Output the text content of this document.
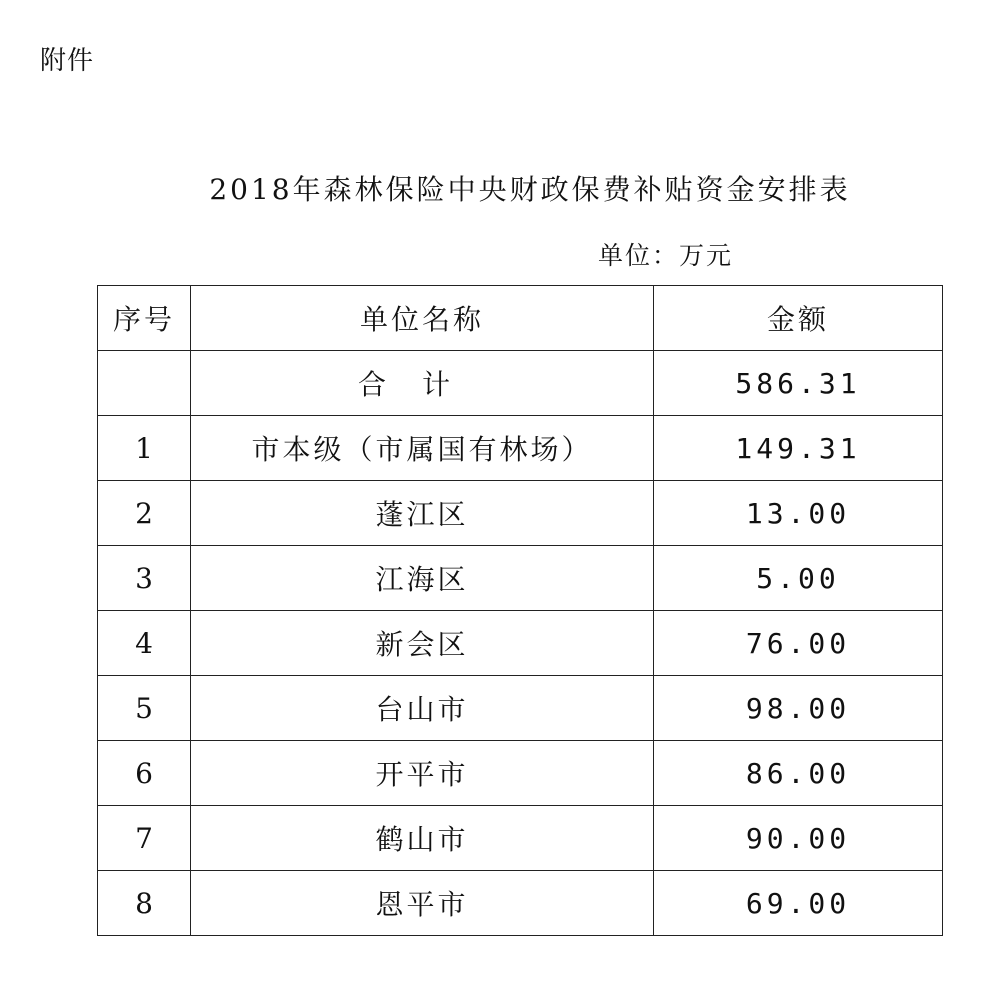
附件
2018年森林保险中央财政保费补贴资金安排表
单位：万元
序号	单位名称	金额
	合计	586.31
1	市本级（市属国有林场）	149.31
2	蓬江区	13.00
3	江海区	5.00
4	新会区	76.00
5	台山市	98.00
6	开平市	86.00
7	鹤山市	90.00
8	恩平市	69.00
